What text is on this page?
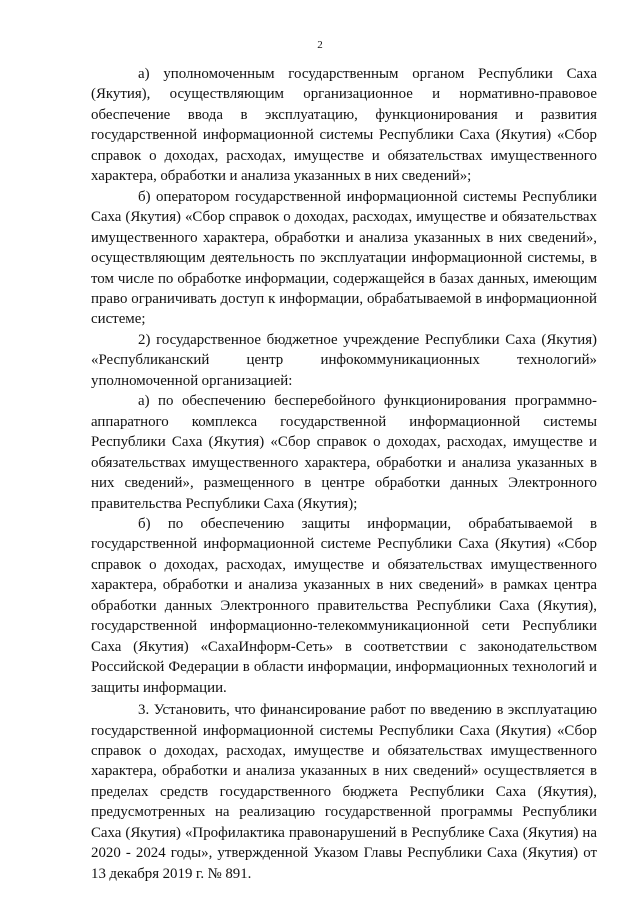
2

а) уполномоченным государственным органом Республики Саха (Якутия), осуществляющим организационное и нормативно-правовое обеспечение ввода в эксплуатацию, функционирования и развития государственной информационной системы Республики Саха (Якутия) «Сбор справок о доходах, расходах, имуществе и обязательствах имущественного характера, обработки и анализа указанных в них сведений»;

б) оператором государственной информационной системы Республики Саха (Якутия) «Сбор справок о доходах, расходах, имуществе и обязательствах имущественного характера, обработки и анализа указанных в них сведений», осуществляющим деятельность по эксплуатации информационной системы, в том числе по обработке информации, содержащейся в базах данных, имеющим право ограничивать доступ к информации, обрабатываемой в информационной системе;

2) государственное бюджетное учреждение Республики Саха (Якутия) «Республиканский центр инфокоммуникационных технологий» уполномоченной организацией:

а) по обеспечению бесперебойного функционирования программно-аппаратного комплекса государственной информационной системы Республики Саха (Якутия) «Сбор справок о доходах, расходах, имуществе и обязательствах имущественного характера, обработки и анализа указанных в них сведений», размещенного в центре обработки данных Электронного правительства Республики Саха (Якутия);

б) по обеспечению защиты информации, обрабатываемой в государственной информационной системе Республики Саха (Якутия) «Сбор справок о доходах, расходах, имуществе и обязательствах имущественного характера, обработки и анализа указанных в них сведений» в рамках центра обработки данных Электронного правительства Республики Саха (Якутия), государственной информационно-телекоммуникационной сети Республики Саха (Якутия) «СахаИнформ-Сеть» в соответствии с законодательством Российской Федерации в области информации, информационных технологий и защиты информации.

3. Установить, что финансирование работ по введению в эксплуатацию государственной информационной системы Республики Саха (Якутия) «Сбор справок о доходах, расходах, имуществе и обязательствах имущественного характера, обработки и анализа указанных в них сведений» осуществляется в пределах средств государственного бюджета Республики Саха (Якутия), предусмотренных на реализацию государственной программы Республики Саха (Якутия) «Профилактика правонарушений в Республике Саха (Якутия) на 2020 - 2024 годы», утвержденной Указом Главы Республики Саха (Якутия) от 13 декабря 2019 г. № 891.
